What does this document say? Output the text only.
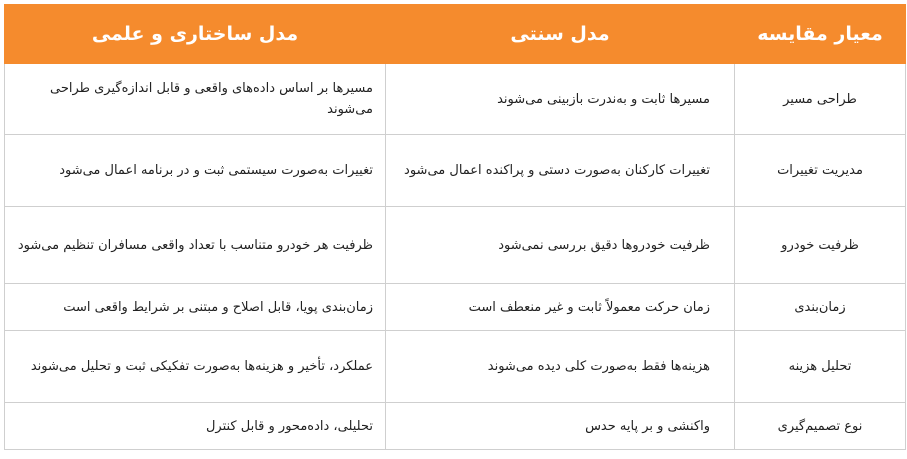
معیار مقایسه	مدل سنتی	مدل ساختاری و علمی
طراحی مسیر	مسیرها ثابت و به‌ندرت بازبینی می‌شوند	مسیرها بر اساس داده‌های واقعی و قابل اندازه‌گیری طراحی می‌شوند
مدیریت تغییرات	تغییرات کارکنان به‌صورت دستی و پراکنده اعمال می‌شود	تغییرات به‌صورت سیستمی ثبت و در برنامه اعمال می‌شود
ظرفیت خودرو	ظرفیت خودروها دقیق بررسی نمی‌شود	ظرفیت هر خودرو متناسب با تعداد واقعی مسافران تنظیم می‌شود
زمان‌بندی	زمان حرکت معمولاً ثابت و غیر منعطف است	زمان‌بندی پویا، قابل اصلاح و مبتنی بر شرایط واقعی است
تحلیل هزینه	هزینه‌ها فقط به‌صورت کلی دیده می‌شوند	عملکرد، تأخیر و هزینه‌ها به‌صورت تفکیکی ثبت و تحلیل می‌شوند
نوع تصمیم‌گیری	واکنشی و بر پایه حدس	تحلیلی، داده‌محور و قابل کنترل
